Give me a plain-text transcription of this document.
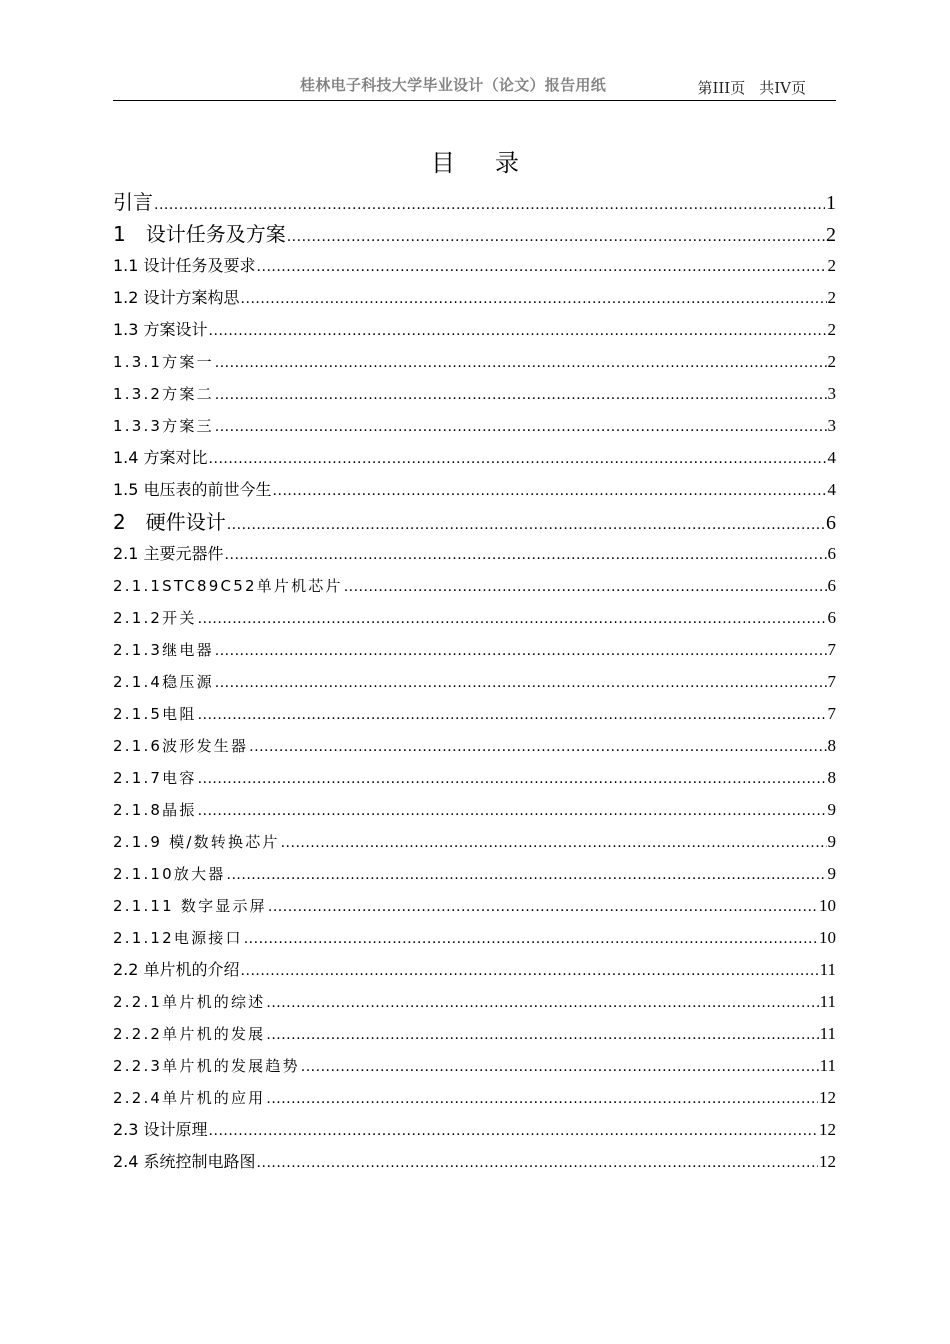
桂林电子科技大学毕业设计（论文）报告用纸	第III页 共IV页
目录
引言 .....	1
1　设计任务及方案 .....	2
1.1 设计任务及要求 .....	2
1.2 设计方案构思 .....	2
1.3 方案设计 .....	2
1.3.1方案一 .....	2
1.3.2方案二 .....	3
1.3.3方案三 .....	3
1.4 方案对比 .....	4
1.5 电压表的前世今生 .....	4
2　硬件设计 .....	6
2.1 主要元器件 .....	6
2.1.1STC89C52单片机芯片 .....	6
2.1.2开关 .....	6
2.1.3继电器 .....	7
2.1.4稳压源 .....	7
2.1.5电阻 .....	7
2.1.6波形发生器 .....	8
2.1.7电容 .....	8
2.1.8晶振 .....	9
2.1.9 模/数转换芯片 .....	9
2.1.10放大器 .....	9
2.1.11 数字显示屏 .....	10
2.1.12电源接口 .....	10
2.2 单片机的介绍 .....	11
2.2.1单片机的综述 .....	11
2.2.2单片机的发展 .....	11
2.2.3单片机的发展趋势 .....	11
2.2.4单片机的应用 .....	12
2.3 设计原理 .....	12
2.4 系统控制电路图 .....	12
